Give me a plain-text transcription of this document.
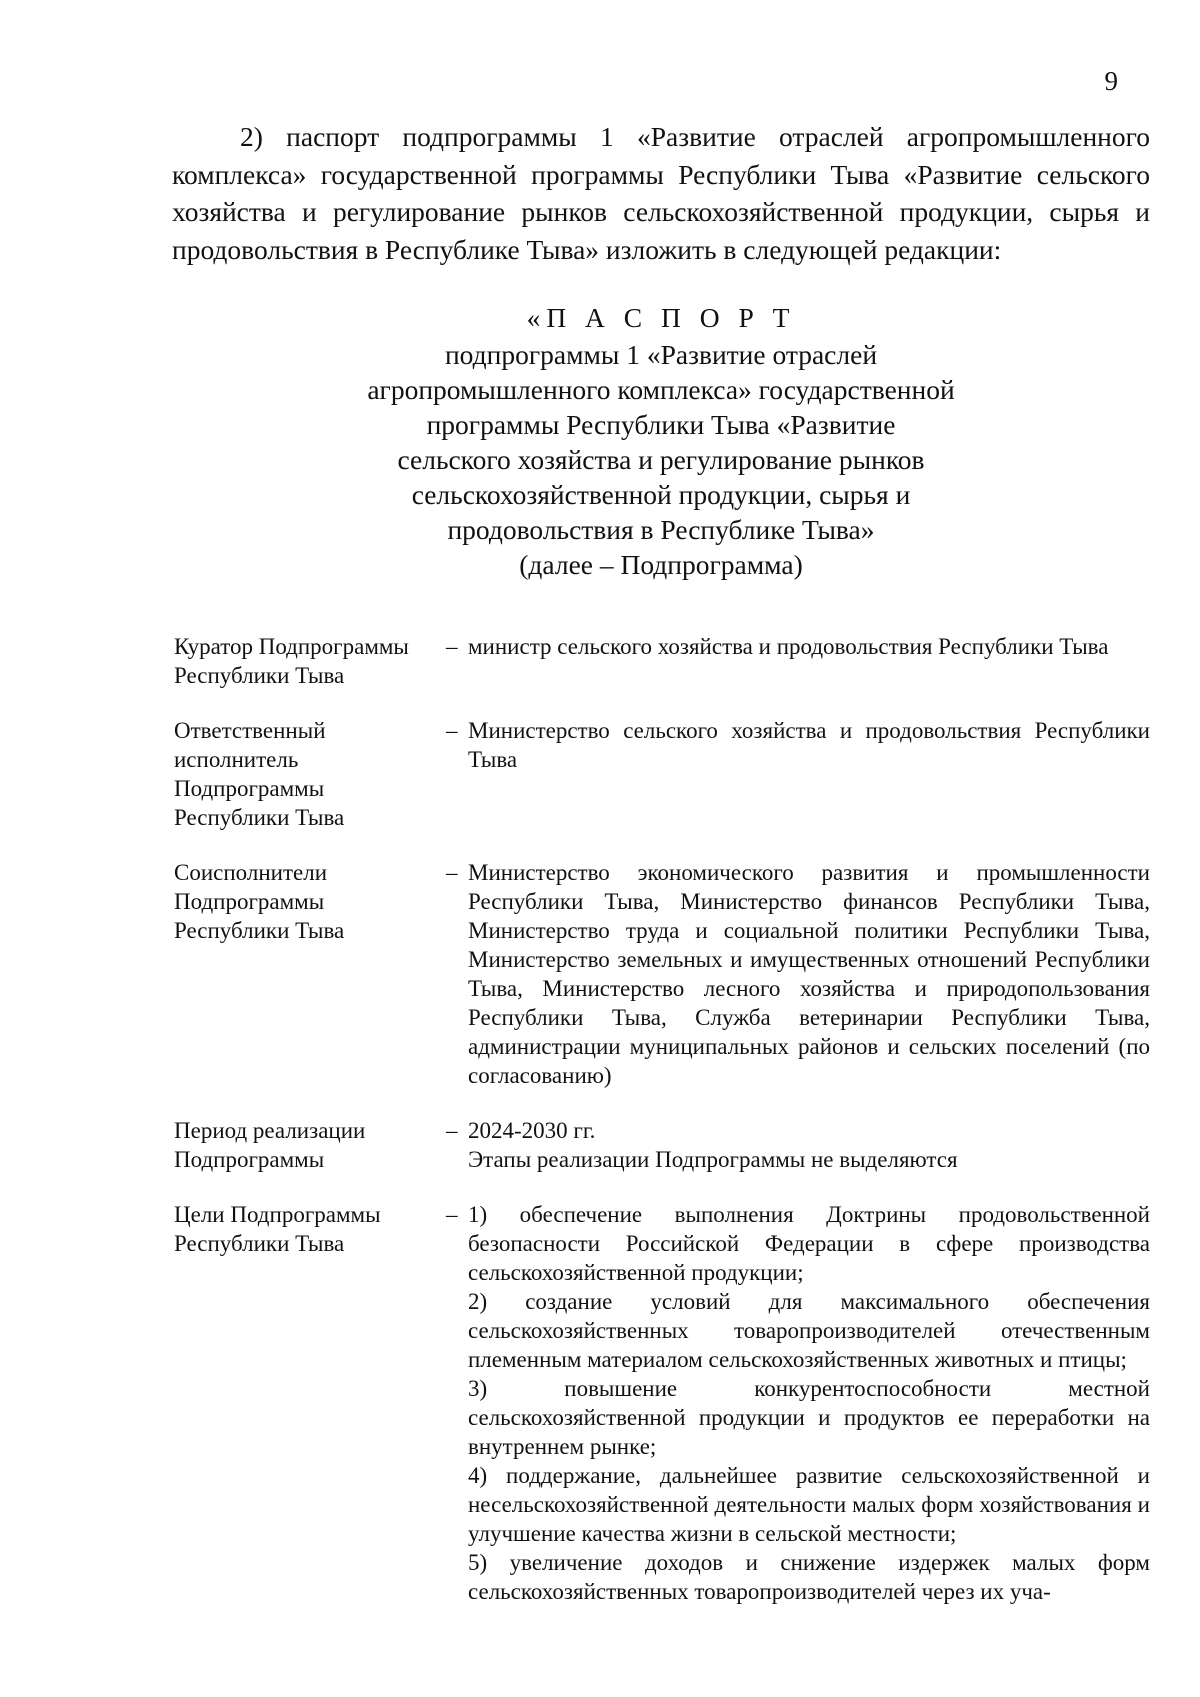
9

2) паспорт подпрограммы 1 «Развитие отраслей агропромышленного комплекса» государственной программы Республики Тыва «Развитие сельского хозяйства и регулирование рынков сельскохозяйственной продукции, сырья и продовольствия в Республике Тыва» изложить в следующей редакции:

«П А С П О Р Т
подпрограммы 1 «Развитие отраслей
агропромышленного комплекса» государственной
программы Республики Тыва «Развитие
сельского хозяйства и регулирование рынков
сельскохозяйственной продукции, сырья и
продовольствия в Республике Тыва»
(далее – Подпрограмма)
Куратор Подпрограммы Республики Тыва
– министр сельского хозяйства и продовольствия Республики Тыва

Ответственный исполнитель Подпрограммы Республики Тыва
– Министерство сельского хозяйства и продовольствия Республики Тыва

Соисполнители Подпрограммы Республики Тыва
– Министерство экономического развития и промышленности Республики Тыва, Министерство финансов Республики Тыва, Министерство труда и социальной политики Республики Тыва, Министерство земельных и имущественных отношений Республики Тыва, Министерство лесного хозяйства и природопользования Республики Тыва, Служба ветеринарии Республики Тыва, администрации муниципальных районов и сельских поселений (по согласованию)

Период реализации Подпрограммы
– 2024-2030 гг.

Этапы реализации Подпрограммы не выделяются

Цели Подпрограммы Республики Тыва
– 1) обеспечение выполнения Доктрины продовольственной безопасности Российской Федерации в сфере производства сельскохозяйственной продукции;

2) создание условий для максимального обеспечения сельскохозяйственных товаропроизводителей отечественным племенным материалом сельскохозяйственных животных и птицы;

3) повышение конкурентоспособности местной сельскохозяйственной продукции и продуктов ее переработки на внутреннем рынке;

4) поддержание, дальнейшее развитие сельскохозяйственной и несельскохозяйственной деятельности малых форм хозяйствования и улучшение качества жизни в сельской местности;

5) увеличение доходов и снижение издержек малых форм сельскохозяйственных товаропроизводителей через их уча-
